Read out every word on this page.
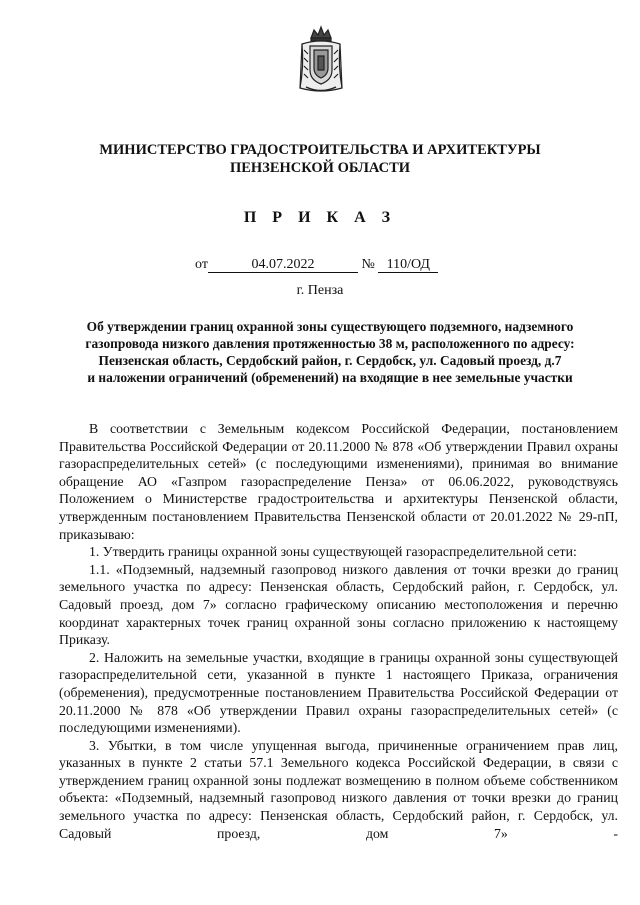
МИНИСТЕРСТВО ГРАДОСТРОИТЕЛЬСТВА И АРХИТЕКТУРЫ
ПЕНЗЕНСКОЙ ОБЛАСТИ
П Р И К А З
от	04.07.2022	№ 110/ОД
г. Пенза
Об утверждении границ охранной зоны существующего подземного, надземного
газопровода низкого давления протяженностью 38 м, расположенного по адресу:
Пензенская область, Сердобский район, г. Сердобск, ул. Садовый проезд, д.7
и наложении ограничений (обременений) на входящие в нее земельные участки

В соответствии с Земельным кодексом Российской Федерации, постановлением Правительства Российской Федерации от 20.11.2000 № 878 «Об утверждении Правил охраны газораспределительных сетей» (с последующими изменениями), принимая во внимание обращение АО «Газпром газораспределение Пенза» от 06.06.2022, руководствуясь Положением о Министерстве градостроительства и архитектуры Пензенской области, утвержденным постановлением Правительства Пензенской области от 20.01.2022 № 29-пП, приказываю:

1. Утвердить границы охранной зоны существующей газораспределительной сети:

1.1. «Подземный, надземный газопровод низкого давления от точки врезки до границ земельного участка по адресу: Пензенская область, Сердобский район, г. Сердобск, ул. Садовый проезд, дом 7» согласно графическому описанию местоположения и перечню координат характерных точек границ охранной зоны согласно приложению к настоящему Приказу.

2. Наложить на земельные участки, входящие в границы охранной зоны существующей газораспределительной сети, указанной в пункте 1 настоящего Приказа, ограничения (обременения), предусмотренные постановлением Правительства Российской Федерации от 20.11.2000 № 878 «Об утверждении Правил охраны газораспределительных сетей» (с последующими изменениями).

3. Убытки, в том числе упущенная выгода, причиненные ограничением прав лиц, указанных в пункте 2 статьи 57.1 Земельного кодекса Российской Федерации, в связи с утверждением границ охранной зоны подлежат возмещению в полном объеме собственником объекта: «Подземный, надземный газопровод низкого давления от точки врезки до границ земельного участка по адресу: Пензенская область, Сердобский район, г. Сердобск, ул. Садовый проезд, дом 7» -
